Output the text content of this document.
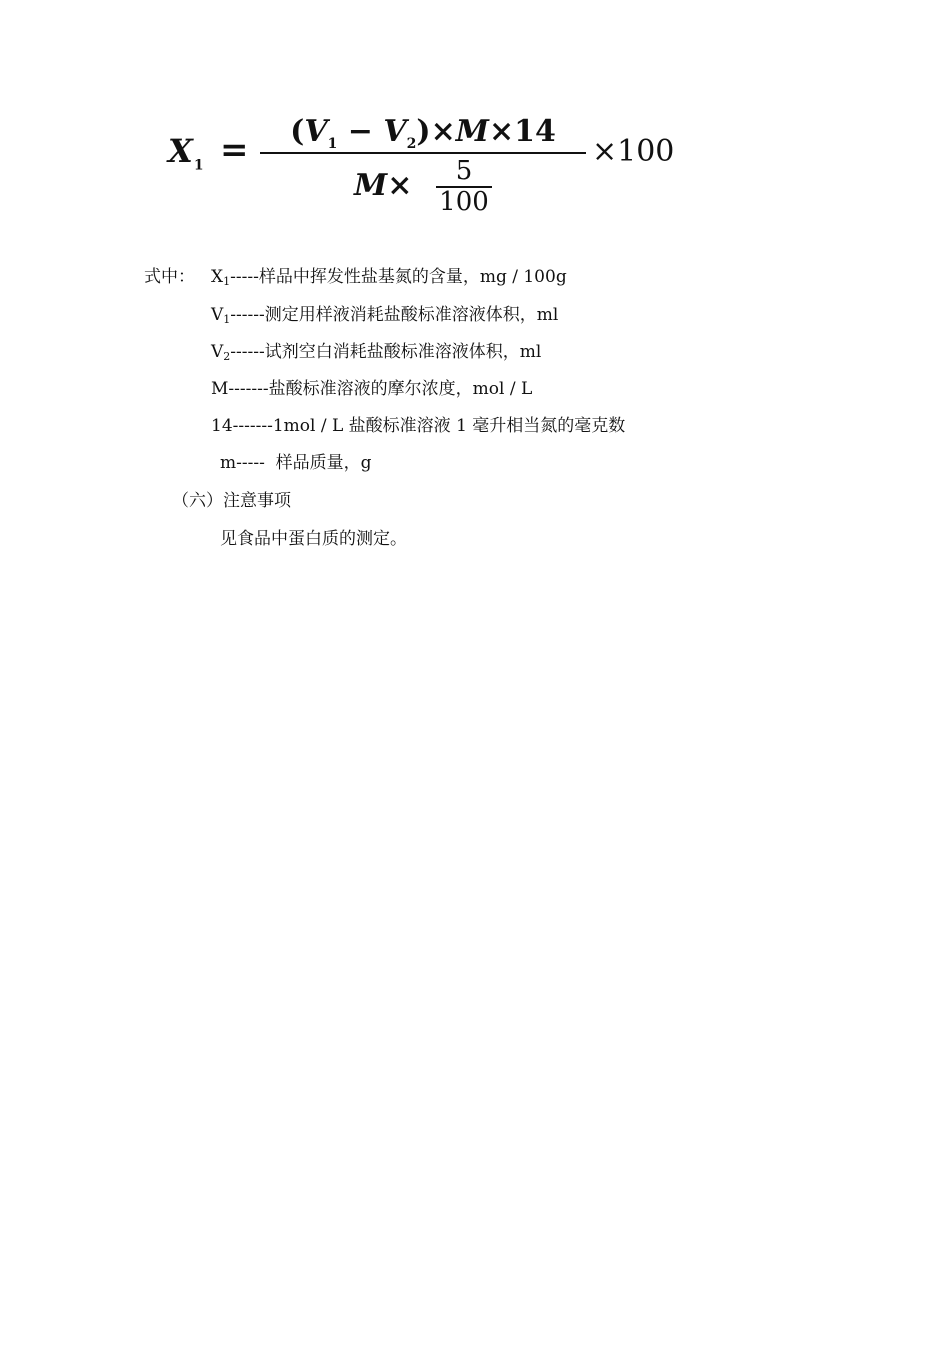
$X_1$ =	$(V_1 - V_2)\times M\times 14$
M×	5
100
×100
式中： $X_1-----$样品中挥发性盐基氮的含量，mg / 100g
$V_1------$测定用样液消耗盐酸标准溶液体积，ml
$V_2------$试剂空白消耗盐酸标准溶液体积，ml
M-------盐酸标准溶液的摩尔浓度，mol / L
14-------1mol / L 盐酸标准溶液 1 毫升相当氮的毫克数
m-----  样品质量，g
（六）注意事项
见食品中蛋白质的测定。
